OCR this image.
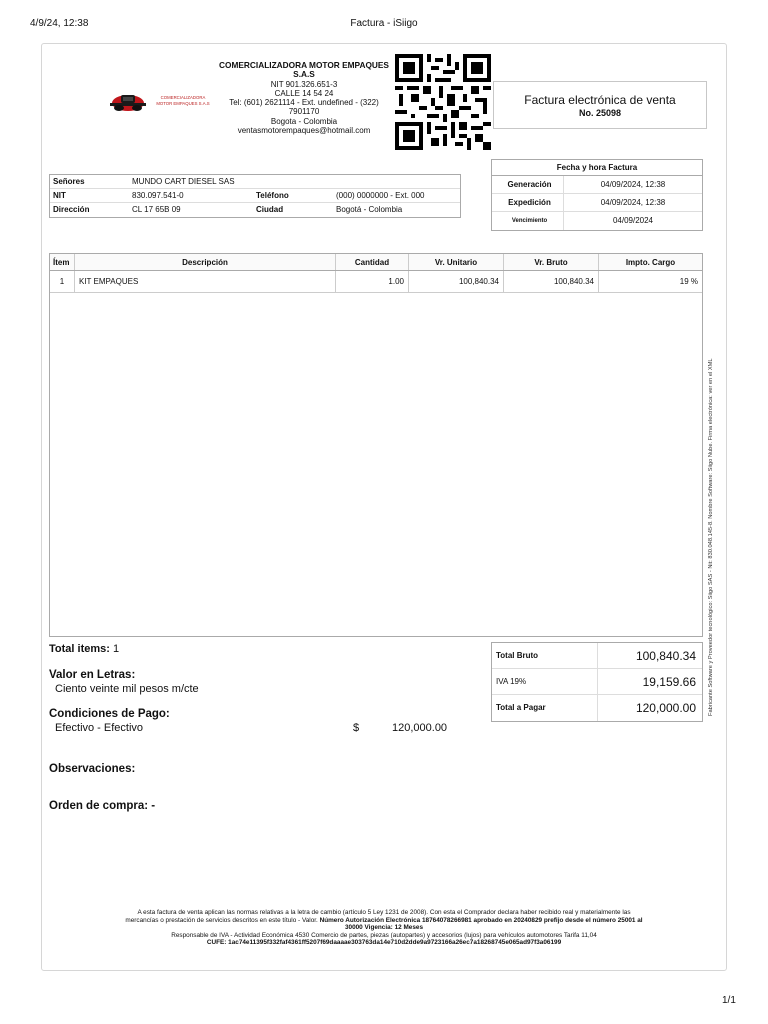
4/9/24, 12:38	Factura - iSiigo
COMERCIALIZADORA
MOTOR EMPAQUES S.A.S
COMERCIALIZADORA MOTOR EMPAQUES S.A.S
NIT 901.326.651-3
CALLE 14 54 24
Tel: (601) 2621114 - Ext. undefined - (322) 7901170
Bogota - Colombia
ventasmotorempaques@hotmail.com
Factura electrónica de venta
No. 25098
Fecha y hora Factura
Generación	04/09/2024, 12:38
Expedición	04/09/2024, 12:38
Vencimiento	04/09/2024
Señores	MUNDO CART DIESEL SAS
NIT	830.097.541-0	Teléfono	(000) 0000000 - Ext. 000
Dirección	CL 17 65B 09	Ciudad	Bogotá - Colombia
Ítem	Descripción	Cantidad	Vr. Unitario	Vr. Bruto	Impto. Cargo
1	KIT EMPAQUES	1.00	100,840.34	100,840.34	19 %
Fabricante Software y Proveedor tecnológico: Siigo SAS - Nit: 830.048.145-8. Nombre Software: Siigo Nube. Firma electrónica: ver en el XML
Total items: 1
Valor en Letras:
Ciento veinte mil pesos m/cte
Condiciones de Pago:
Efectivo - Efectivo	$	120,000.00
Observaciones:
Orden de compra: -
Total Bruto	100,840.34
IVA 19%	19,159.66
Total a Pagar	120,000.00
A esta factura de venta aplican las normas relativas a la letra de cambio (artículo 5 Ley 1231 de 2008). Con esta el Comprador declara haber recibido real y materialmente las
mercancías o prestación de servicios descritos en este título - Valor. Número Autorización Electrónica 18764078266981 aprobado en 20240829 prefijo desde el número 25001 al
30000 Vigencia: 12 Meses
Responsable de IVA - Actividad Económica 4530 Comercio de partes, piezas (autopartes) y accesorios (lujos) para vehículos automotores Tarifa 11,04
CUFE: 1ac74e11395f332faf4361ff5207f69daaaae303763da14e710d2dde9a9723166a26ec7a18268745e065ad97f3a06199
1/1
